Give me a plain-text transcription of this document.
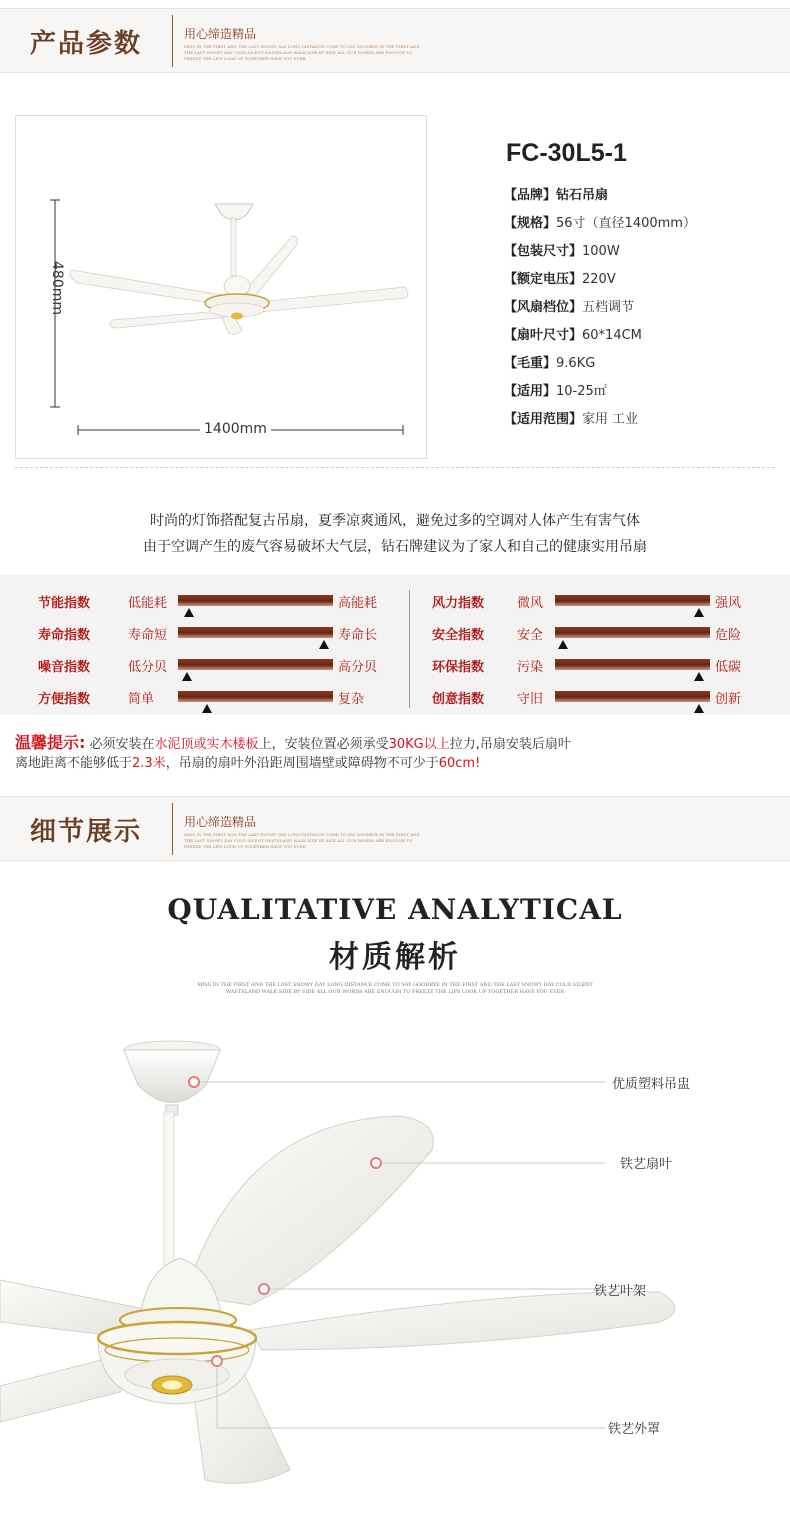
产品参数	用心缔造精品
MISS IN THE FIRST AND THE LAST SNOWY DAY LONG DISTANCE COME TO SAY GOODBYE IN THE FIRST AND THE LAST SNOWY DAY COLD SILENT WASTELAND WALK SIDE BY SIDE ALL OUR WORDS ARE ENOUGH TO FREEZE THE LIPS LOOK UP TOGETHER HAVE YOU EVER
480mm
1400mm
FC-30L5-1
【品牌】钻石吊扇
【规格】56寸（直径1400mm）
【包装尺寸】100W
【额定电压】220V
【风扇档位】五档调节
【扇叶尺寸】60*14CM
【毛重】9.6KG
【适用】10-25㎡
【适用范围】家用 工业
时尚的灯饰搭配复古吊扇，夏季凉爽通风，避免过多的空调对人体产生有害气体
由于空调产生的废气容易破坏大气层，钻石牌建议为了家人和自己的健康实用吊扇
节能指数	低能耗	高能耗
寿命指数	寿命短	寿命长
噪音指数	低分贝	高分贝
方便指数	简单	复杂
风力指数	微风	强风
安全指数	安全	危险
环保指数	污染	低碳
创意指数	守旧	创新
温馨提示: 必须安装在水泥顶或实木楼板上，安装位置必须承受30KG以上拉力,吊扇安装后扇叶
离地距离不能够低于2.3米，吊扇的扇叶外沿距周围墙壁或障碍物不可少于60cm!
细节展示	用心缔造精品
MISS IN THE FIRST AND THE LAST SNOWY DAY LONG DISTANCE COME TO SAY GOODBYE IN THE FIRST AND THE LAST SNOWY DAY COLD SILENT WASTELAND WALK SIDE BY SIDE ALL OUR WORDS ARE ENOUGH TO FREEZE THE LIPS LOOK UP TOGETHER HAVE YOU EVER
QUALITATIVE ANALYTICAL
材质解析
MISS IN THE FIRST AND THE LAST SNOWY DAY LONG DISTANCE COME TO SAY GOODBYE IN THE FIRST AND THE LAST SNOWY DAY COLD SILENT WASTELAND WALK SIDE BY SIDE ALL OUR WORDS ARE ENOUGH TO FREEZE THE LIPS LOOK UP TOGETHER HAVE YOU EVER
优质塑料吊盅
铁艺扇叶
铁艺叶架
铁艺外罩
